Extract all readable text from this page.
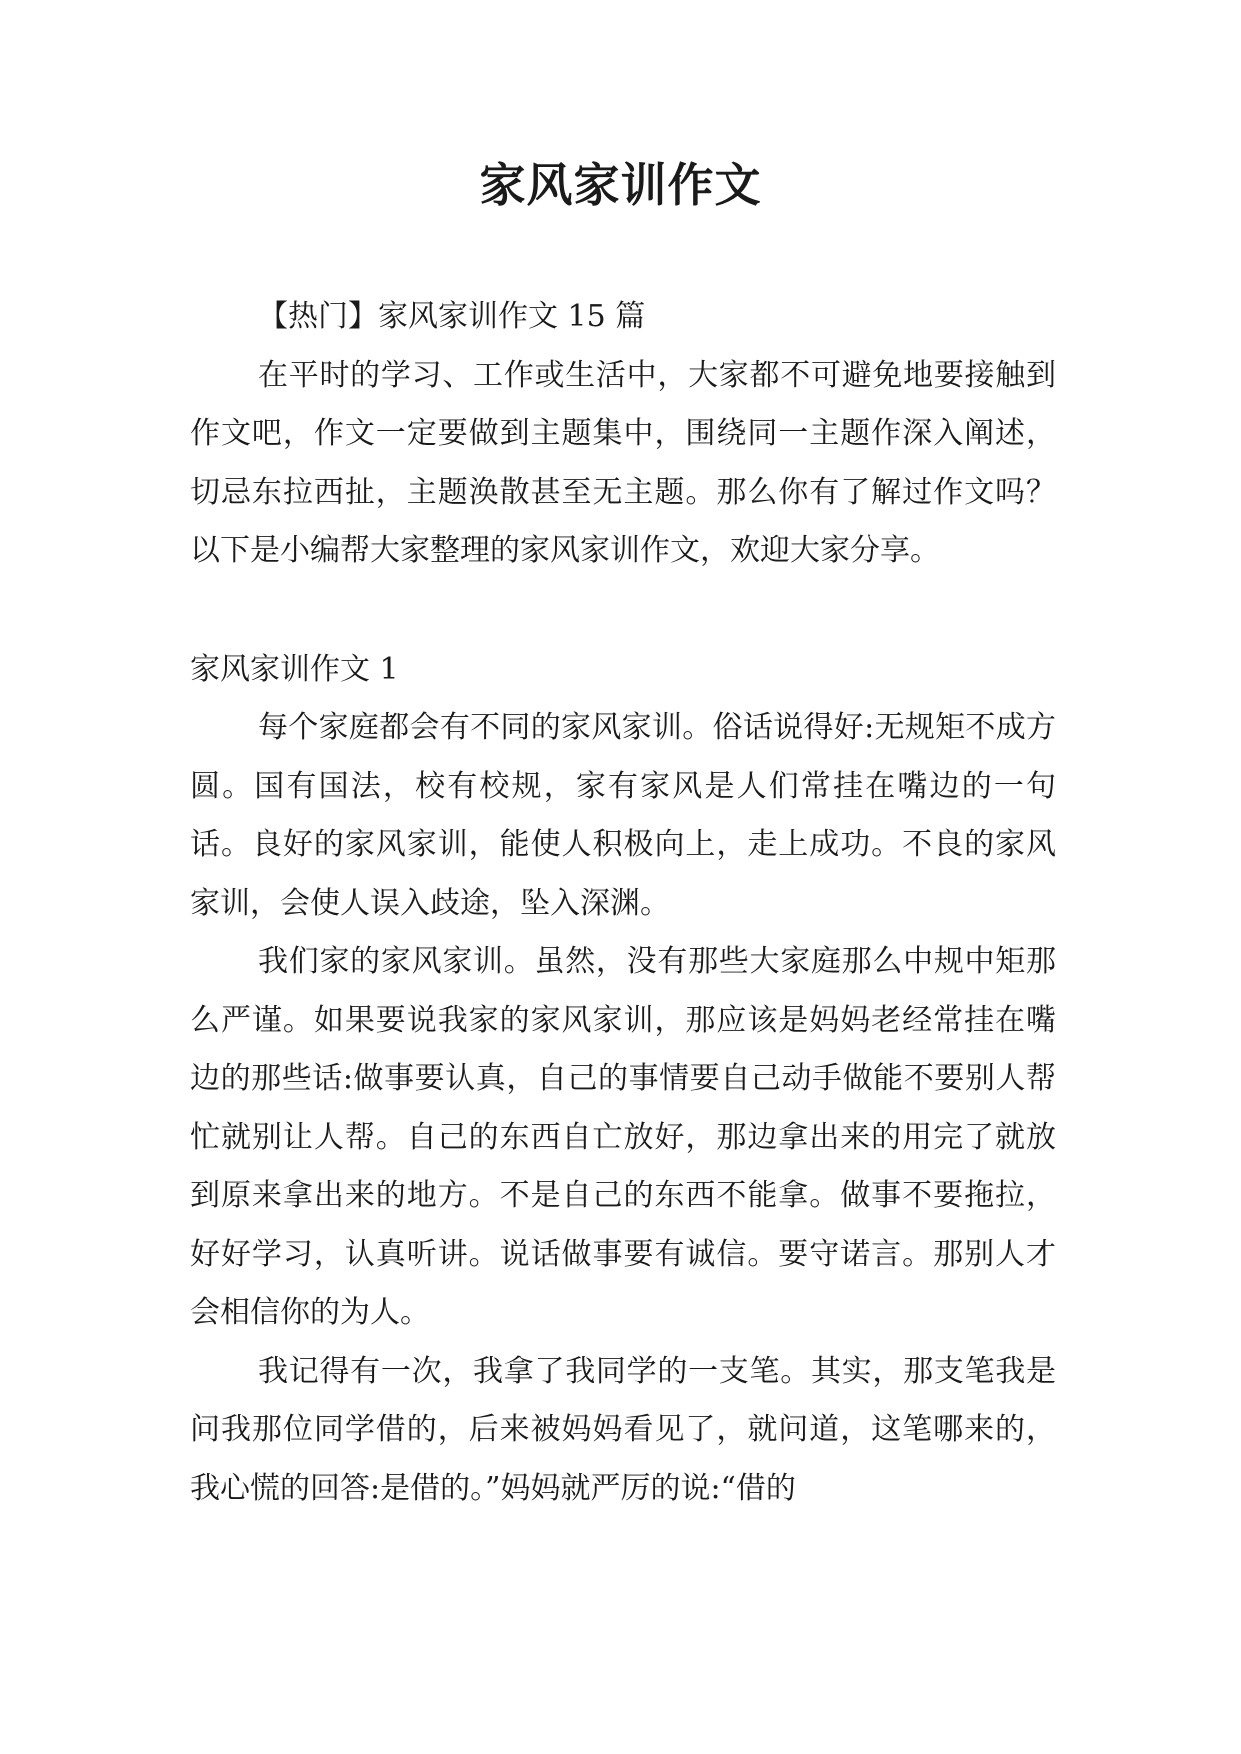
家风家训作文

【热门】家风家训作文 15 篇

在平时的学习、工作或生活中，大家都不可避免地要接触到作文吧，作文一定要做到主题集中，围绕同一主题作深入阐述，切忌东拉西扯，主题涣散甚至无主题。那么你有了解过作文吗？以下是小编帮大家整理的家风家训作文，欢迎大家分享。

家风家训作文 1

每个家庭都会有不同的家风家训。俗话说得好:无规矩不成方圆。国有国法，校有校规，家有家风是人们常挂在嘴边的一句话。良好的家风家训，能使人积极向上，走上成功。不良的家风家训，会使人误入歧途，坠入深渊。

我们家的家风家训。虽然，没有那些大家庭那么中规中矩那么严谨。如果要说我家的家风家训，那应该是妈妈老经常挂在嘴边的那些话:做事要认真，自己的事情要自己动手做能不要别人帮忙就别让人帮。自己的东西自亡放好，那边拿出来的用完了就放到原来拿出来的地方。不是自己的东西不能拿。做事不要拖拉，好好学习，认真听讲。说话做事要有诚信。要守诺言。那别人才会相信你的为人。

我记得有一次，我拿了我同学的一支笔。其实，那支笔我是问我那位同学借的，后来被妈妈看见了，就问道，这笔哪来的，我心慌的回答:是借的。”妈妈就严厉的说:“借的
